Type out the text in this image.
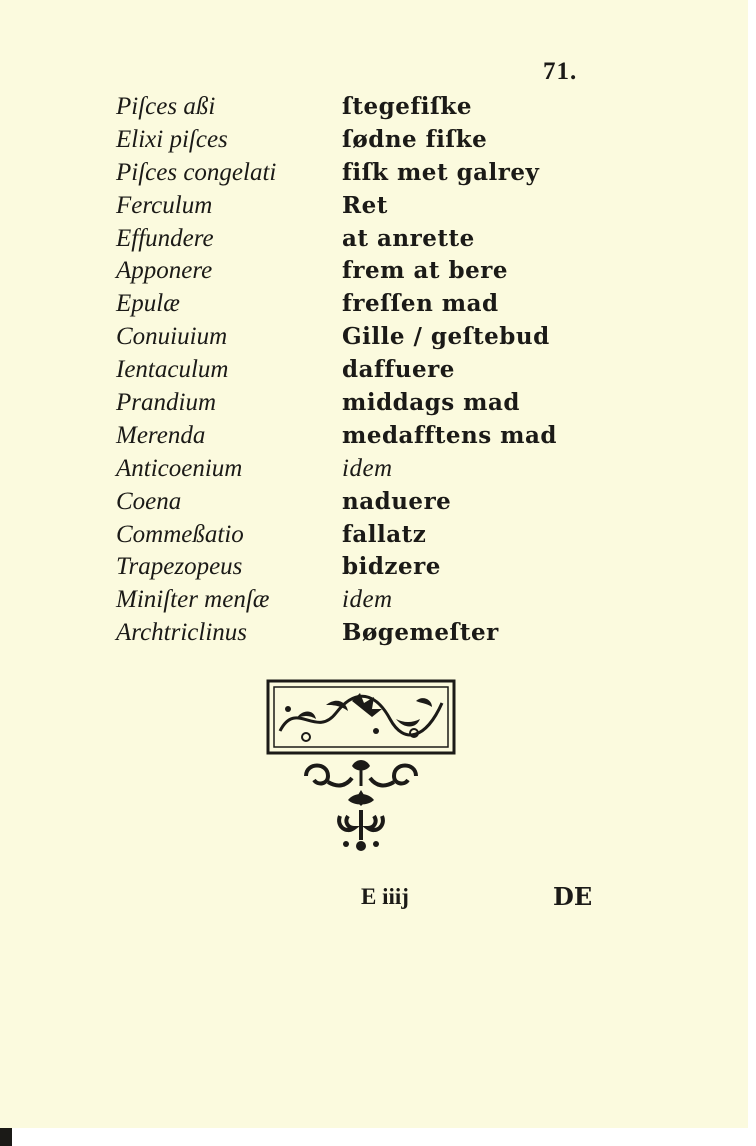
71.
Piſces aßi	ſtegefiſke
Elixi piſces	ſødne fiſke
Piſces congelati	fiſk met galrey
Ferculum	Ret
Effundere	at anrette
Apponere	frem at bere
Epulæ	freſſen mad
Conuiuium	Gille / geſtebud
Ientaculum	daffuere
Prandium	middags mad
Merenda	medafftens mad
Anticoenium	idem
Coena	naduere
Commeßatio	fallatz
Trapezopeus	bidzere
Miniſter menſæ	idem
Archtriclinus	Bøgemeſter
E iiij	DE
